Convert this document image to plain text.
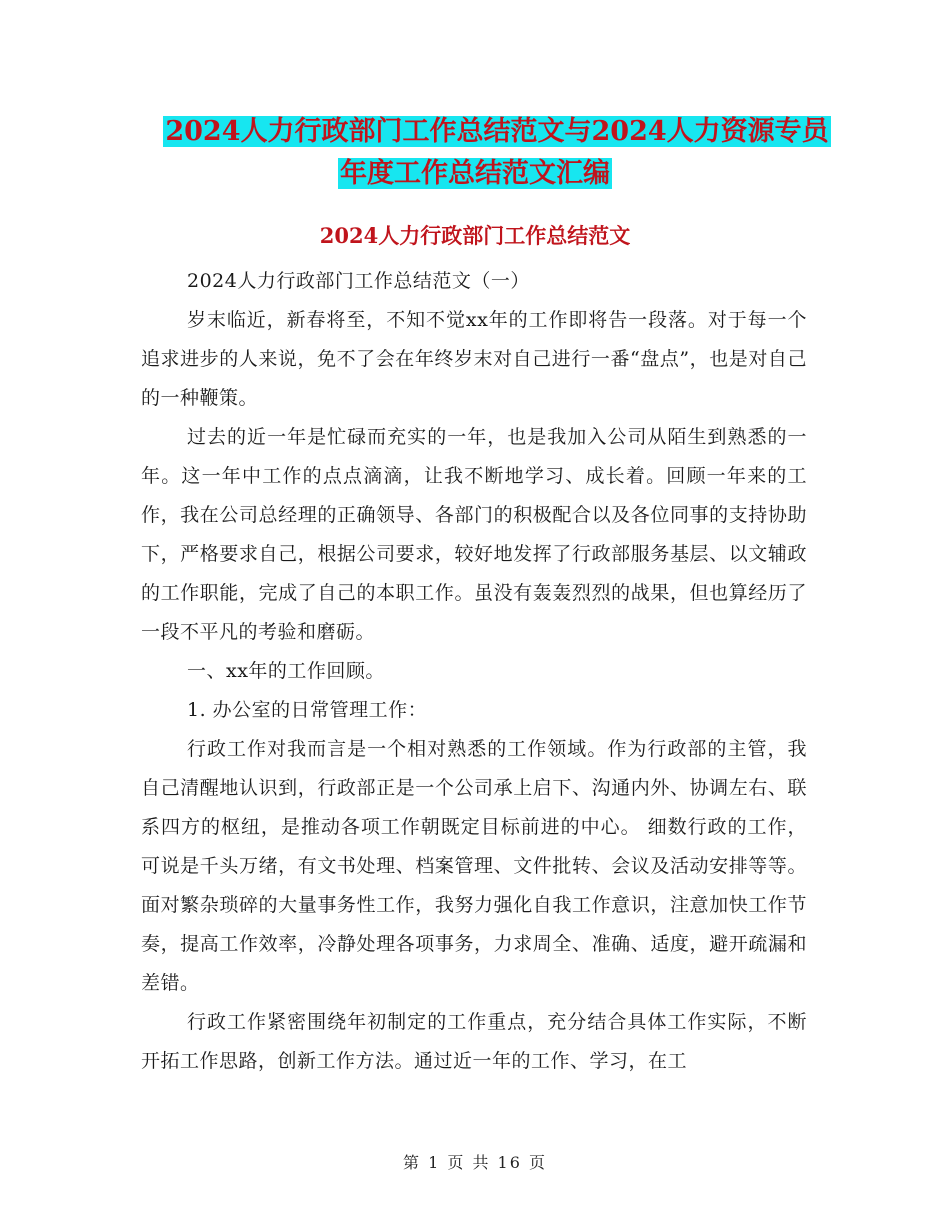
2024人力行政部门工作总结范文与2024人力资源专员
年度工作总结范文汇编
2024人力行政部门工作总结范文

2024人力行政部门工作总结范文（一）

岁末临近，新春将至，不知不觉xx年的工作即将告一段落。对于每一个追求进步的人来说，免不了会在年终岁末对自己进行一番“盘点”，也是对自己的一种鞭策。

过去的近一年是忙碌而充实的一年，也是我加入公司从陌生到熟悉的一年。这一年中工作的点点滴滴，让我不断地学习、成长着。回顾一年来的工作，我在公司总经理的正确领导、各部门的积极配合以及各位同事的支持协助下，严格要求自己，根据公司要求，较好地发挥了行政部服务基层、以文辅政的工作职能，完成了自己的本职工作。虽没有轰轰烈烈的战果，但也算经历了一段不平凡的考验和磨砺。

一、xx年的工作回顾。

1. 办公室的日常管理工作：

行政工作对我而言是一个相对熟悉的工作领域。作为行政部的主管，我自己清醒地认识到，行政部正是一个公司承上启下、沟通内外、协调左右、联系四方的枢纽，是推动各项工作朝既定目标前进的中心。 细数行政的工作，可说是千头万绪，有文书处理、档案管理、文件批转、会议及活动安排等等。面对繁杂琐碎的大量事务性工作，我努力强化自我工作意识，注意加快工作节奏，提高工作效率，冷静处理各项事务，力求周全、准确、适度，避开疏漏和差错。

行政工作紧密围绕年初制定的工作重点，充分结合具体工作实际，不断开拓工作思路，创新工作方法。通过近一年的工作、学习，在工

第 1 页 共 16 页
